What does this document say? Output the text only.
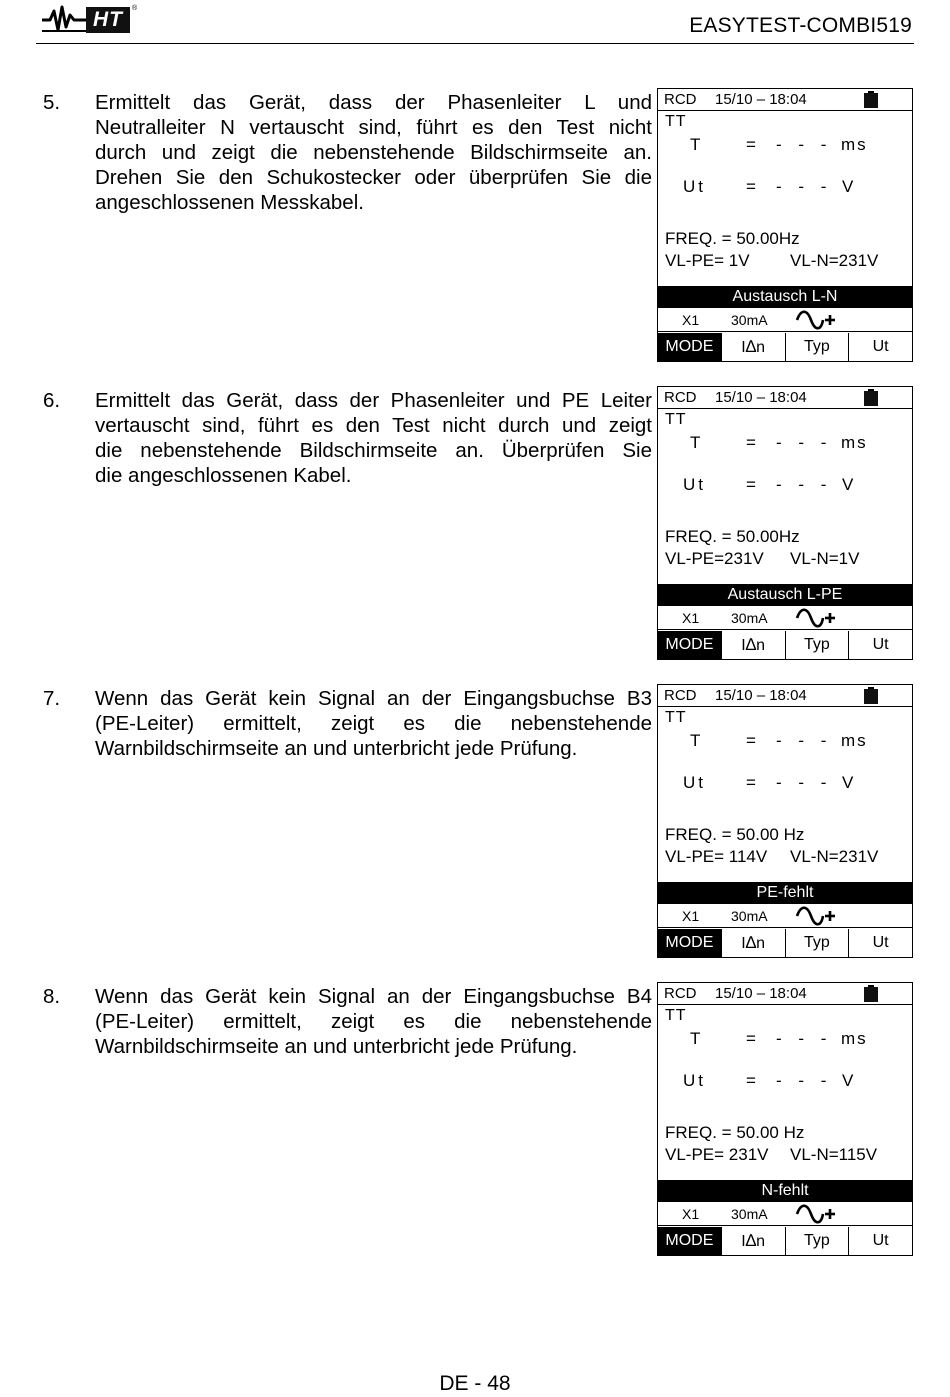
HT	®
EASYTEST-COMBI519
5. Ermittelt das Gerät, dass der Phasenleiter L und
Neutralleiter N vertauscht sind, führt es den Test nicht
durch und zeigt die nebenstehende Bildschirmseite an.
Drehen Sie den Schukostecker oder überprüfen Sie die
angeschlossenen Messkabel.
RCD 15/10 – 18:04
TT
T	= - - - ms
Ut = - - - V
FREQ. = 50.00Hz
VL-PE= 1V VL-N=231V
Austausch L-N
X1 30mA
MODE	I∆n	Typ	Ut
6. Ermittelt das Gerät, dass der Phasenleiter und PE Leiter
vertauscht sind, führt es den Test nicht durch und zeigt
die nebenstehende Bildschirmseite an. Überprüfen Sie
die angeschlossenen Kabel.
RCD 15/10 – 18:04
TT
T	= - - - ms
Ut = - - - V
FREQ. = 50.00Hz
VL-PE=231V VL-N=1V
Austausch L-PE
X1 30mA
MODE	I∆n	Typ	Ut
7. Wenn das Gerät kein Signal an der Eingangsbuchse B3
(PE-Leiter) ermittelt, zeigt es die nebenstehende
Warnbildschirmseite an und unterbricht jede Prüfung.
RCD 15/10 – 18:04
TT
T	= - - - ms
Ut = - - - V
FREQ. = 50.00 Hz
VL-PE= 114V VL-N=231V
PE-fehlt
X1 30mA
MODE	I∆n	Typ	Ut
8. Wenn das Gerät kein Signal an der Eingangsbuchse B4
(PE-Leiter) ermittelt, zeigt es die nebenstehende
Warnbildschirmseite an und unterbricht jede Prüfung.
RCD 15/10 – 18:04
TT
T	= - - - ms
Ut = - - - V
FREQ. = 50.00 Hz
VL-PE= 231V VL-N=115V
N-fehlt
X1 30mA
MODE	I∆n	Typ	Ut
DE - 48
